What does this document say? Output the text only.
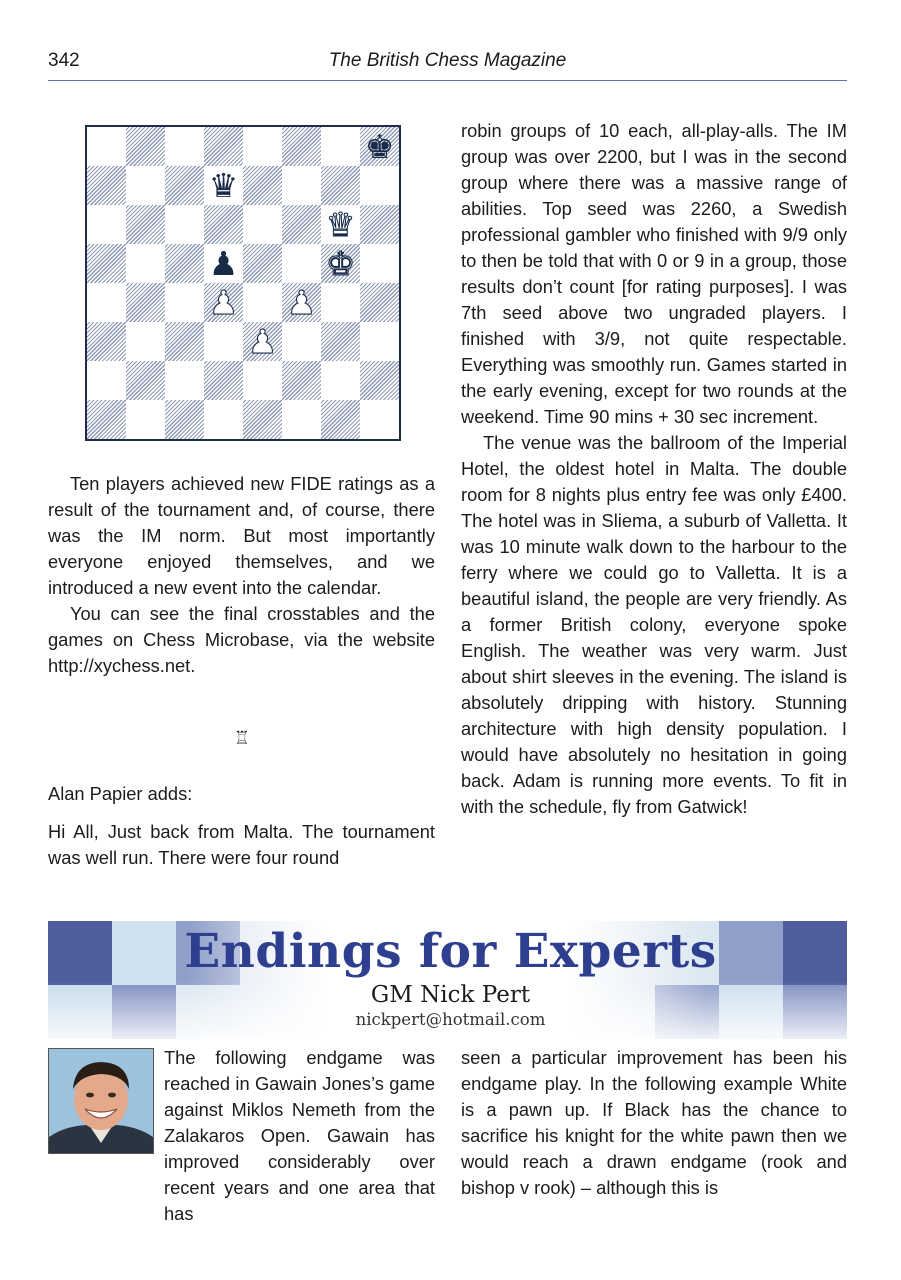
342	The British Chess Magazine
♚
♛
♛
♟	♚
♟ ♟
♟

Ten players achieved new FIDE ratings as a result of the tournament and, of course, there was the IM norm. But most importantly everyone enjoyed themselves, and we introduced a new event into the calendar.

You can see the final crosstables and the games on Chess Microbase, via the website http://xychess.net.

♖

Alan Papier adds:

Hi All, Just back from Malta. The tournament was well run. There were four round

robin groups of 10 each, all-play-alls. The IM group was over 2200, but I was in the second group where there was a massive range of abilities. Top seed was 2260, a Swedish professional gambler who finished with 9/9 only to then be told that with 0 or 9 in a group, those results don’t count [for rating purposes]. I was 7th seed above two ungraded players. I finished with 3/9, not quite respectable. Everything was smoothly run. Games started in the early evening, except for two rounds at the weekend. Time 90 mins + 30 sec increment.

The venue was the ballroom of the Imperial Hotel, the oldest hotel in Malta. The double room for 8 nights plus entry fee was only £400. The hotel was in Sliema, a suburb of Valletta. It was 10 minute walk down to the harbour to the ferry where we could go to Valletta. It is a beautiful island, the people are very friendly. As a former British colony, everyone spoke English. The weather was very warm. Just about shirt sleeves in the evening. The island is absolutely dripping with history. Stunning architecture with high density population. I would have absolutely no hesitation in going back. Adam is running more events. To fit in with the schedule, fly from Gatwick!

Endings for Experts
GM Nick Pert
nickpert@hotmail.com

The following endgame was reached in Gawain Jones’s game against Miklos Nemeth from the Zalakaros Open. Gawain has improved considerably over recent years and one area that has

seen a particular improvement has been his endgame play. In the following example White is a pawn up. If Black has the chance to sacrifice his knight for the white pawn then we would reach a drawn endgame (rook and bishop v rook) – although this is
